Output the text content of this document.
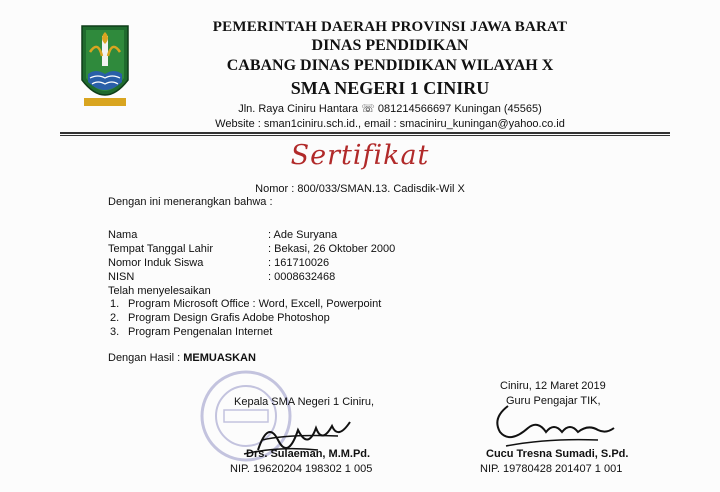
PEMERINTAH DAERAH PROVINSI JAWA BARAT
DINAS PENDIDIKAN
CABANG DINAS PENDIDIKAN WILAYAH X
SMA NEGERI 1 CINIRU
Jln. Raya Ciniru Hantara ☏ 081214566697 Kuningan (45565)
Website : sman1ciniru.sch.id., email : smaciniru_kuningan@yahoo.co.id
Sertifikat
Nomor : 800/033/SMAN.13. Cadisdik-Wil X
Dengan ini menerangkan bahwa :
Nama	: Ade Suryana
Tempat Tanggal Lahir	: Bekasi, 26 Oktober 2000
Nomor Induk Siswa	: 161710026
NISN	: 0008632468
Telah menyelesaikan
1. Program Microsoft Office : Word, Excell, Powerpoint
2. Program Design Grafis Adobe Photoshop
3. Program Pengenalan Internet
Dengan Hasil : MEMUASKAN
Kepala SMA Negeri 1 Ciniru,
Drs. Sulaeman, M.M.Pd.
NIP. 19620204 198302 1 005
Ciniru, 12 Maret 2019
Guru Pengajar TIK,
Cucu Tresna Sumadi, S.Pd.
NIP. 19780428 201407 1 001
